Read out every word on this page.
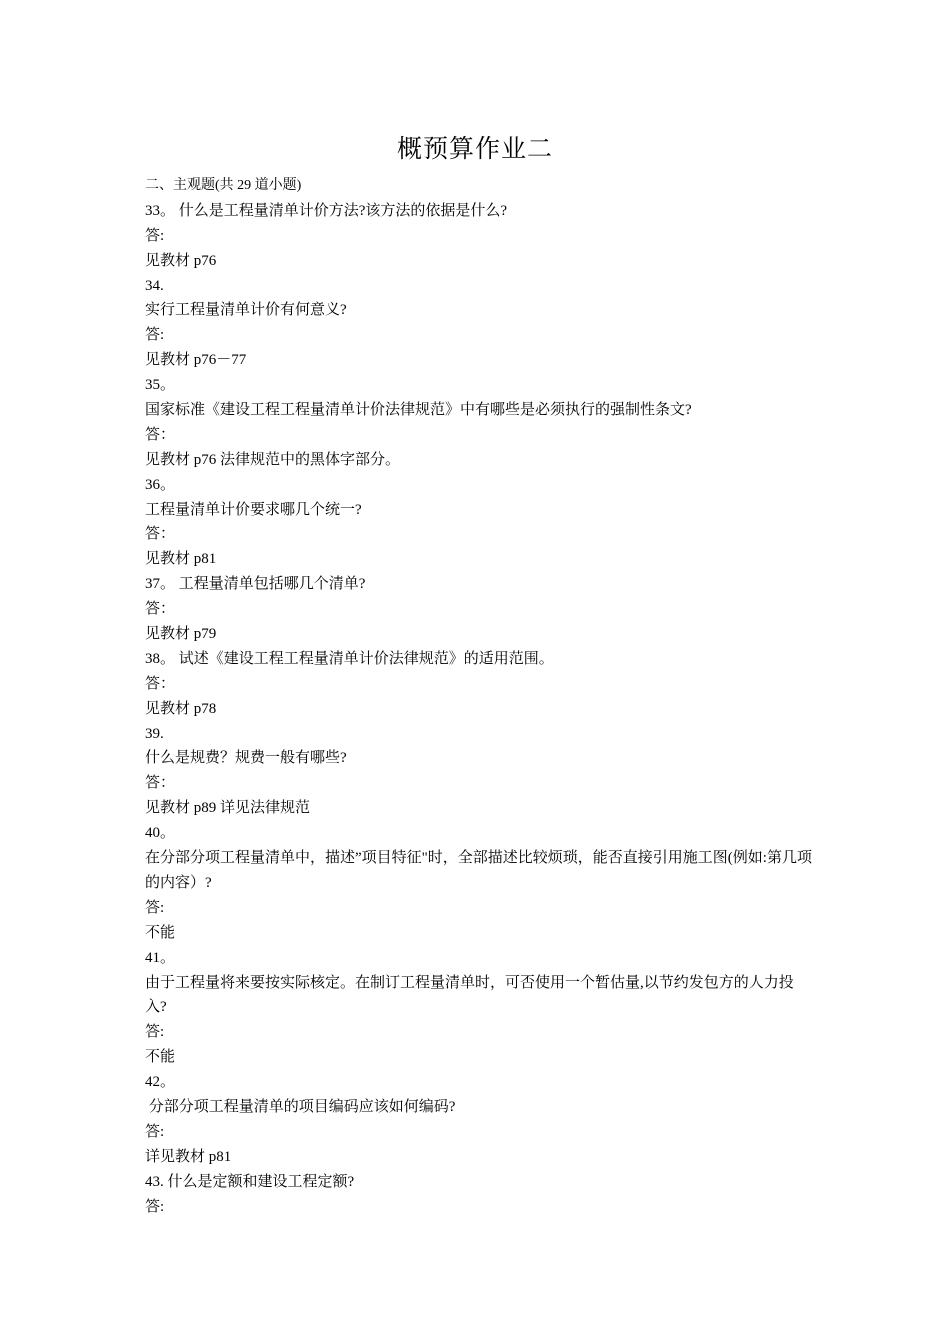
概预算作业二
二、主观题(共 29 道小题)
33。 什么是工程量清单计价方法?该方法的依据是什么?
答:
见教材 p76
34.
实行工程量清单计价有何意义?
答:
见教材 p76－77
35。
国家标准《建设工程工程量清单计价法律规范》中有哪些是必须执行的强制性条文?
答：
见教材 p76 法律规范中的黑体字部分。
36。
工程量清单计价要求哪几个统一?
答：
见教材 p81
37。 工程量清单包括哪几个清单?
答：
见教材 p79
38。 试述《建设工程工程量清单计价法律规范》的适用范围。
答：
见教材 p78
39.
什么是规费？规费一般有哪些?
答：
见教材 p89 详见法律规范
40。
在分部分项工程量清单中，描述”项目特征"时，全部描述比较烦琐，能否直接引用施工图(例如:第几项的内容）?
答:
不能
41。
由于工程量将来要按实际核定。在制订工程量清单时，可否使用一个暂估量,以节约发包方的人力投入?
答:
不能
42。
分部分项工程量清单的项目编码应该如何编码?
答:
详见教材 p81
43. 什么是定额和建设工程定额?
答:
